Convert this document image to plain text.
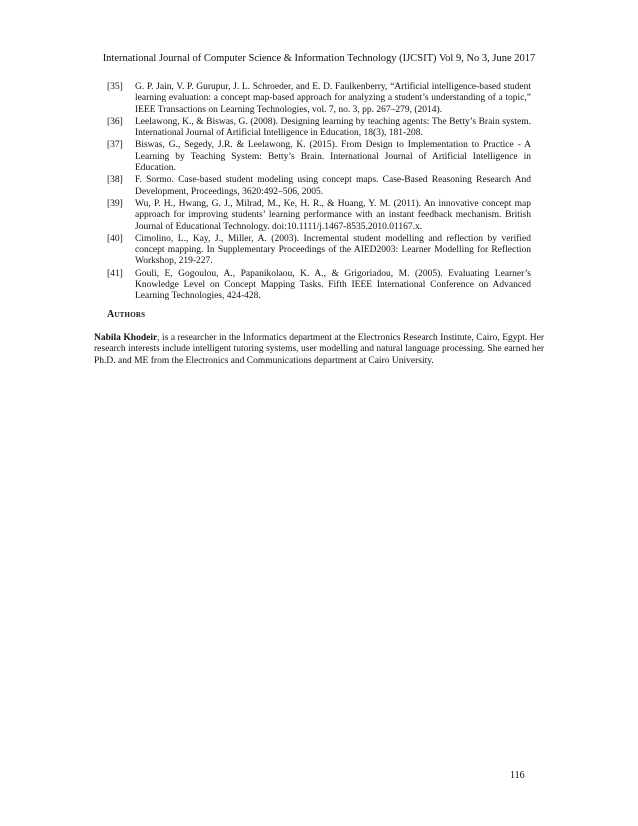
International Journal of Computer Science & Information Technology (IJCSIT) Vol 9, No 3, June 2017
[35] G. P. Jain, V. P. Gurupur, J. L. Schroeder, and E. D. Faulkenberry, “Artificial intelligence-based student learning evaluation: a concept map-based approach for analyzing a student’s understanding of a topic,” IEEE Transactions on Learning Technologies, vol. 7, no. 3, pp. 267–279, (2014).
[36] Leelawong, K., & Biswas, G. (2008). Designing learning by teaching agents: The Betty’s Brain system. International Journal of Artificial Intelligence in Education, 18(3), 181-208.
[37] Biswas, G., Segedy, J.R. & Leelawong, K. (2015). From Design to Implementation to Practice - A Learning by Teaching System: Betty’s Brain. International Journal of Artificial Intelligence in Education.
[38] F. Sormo. Case-based student modeling using concept maps. Case-Based Reasoning Research And Development, Proceedings, 3620:492–506, 2005.
[39] Wu, P. H., Hwang, G. J., Milrad, M., Ke, H. R., & Huang, Y. M. (2011). An innovative concept map approach for improving students’ learning performance with an instant feedback mechanism. British Journal of Educational Technology. doi:10.1111/j.1467-8535.2010.01167.x.
[40] Cimolino, L., Kay, J., Miller, A. (2003). Incremental student modelling and reflection by verified concept mapping. In Supplementary Proceedings of the AIED2003: Learner Modelling for Reflection Workshop, 219-227.
[41] Gouli, E, Gogoulou, A., Papanikolaou, K. A., & Grigoriadou, M. (2005). Evaluating Learner’s Knowledge Level on Concept Mapping Tasks. Fifth IEEE International Conference on Advanced Learning Technologies, 424-428.
Authors

Nabila Khodeir, is a researcher in the Informatics department at the Electronics Research Institute, Cairo, Egypt. Her research interests include intelligent tutoring systems, user modelling and natural language processing. She earned her Ph.D. and ME from the Electronics and Communications department at Cairo University.

116
